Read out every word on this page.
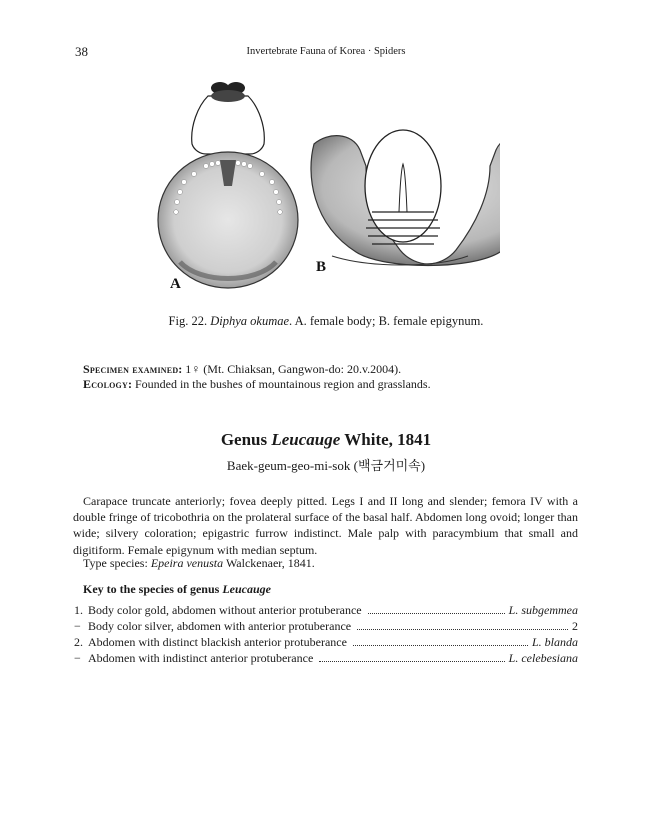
38	Invertebrate Fauna of Korea · Spiders
A
B
Fig. 22. Diphya okumae. A. female body; B. female epigynum.
Specimen examined: 1♀ (Mt. Chiaksan, Gangwon-do: 20.v.2004).
Ecology: Founded in the bushes of mountainous region and grasslands.
Genus Leucauge White, 1841
Baek-geum-geo-mi-sok (백금거미속)

Carapace truncate anteriorly; fovea deeply pitted. Legs I and II long and slender; femora IV with a double fringe of tricobothria on the prolateral surface of the basal half. Abdomen long ovoid; longer than wide; silvery coloration; epigastric furrow indistinct. Male palp with paracymbium that small and digitiform. Female epigynum with median septum.

Type species: Epeira venusta Walckenaer, 1841.
Key to the species of genus Leucauge
1. Body color gold, abdomen without anterior protuberance	L. subgemmea
− Body color silver, abdomen with anterior protuberance	2
2. Abdomen with distinct blackish anterior protuberance	L. blanda
− Abdomen with indistinct anterior protuberance	L. celebesiana
